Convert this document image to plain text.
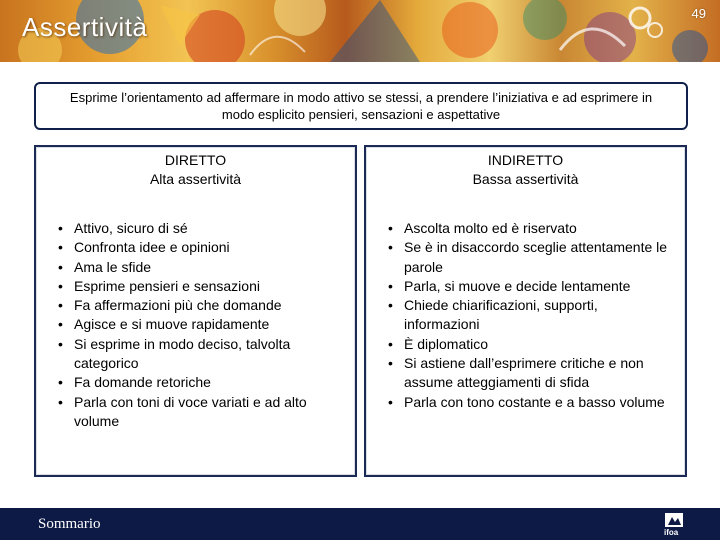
Assertività	49
Esprime l’orientamento ad affermare in modo attivo se stessi, a prendere l’iniziativa e ad esprimere in modo esplicito pensieri, sensazioni e aspettative
DIRETTO
Alta assertività
• Attivo, sicuro di sé
• Confronta idee e opinioni
• Ama le sfide
• Esprime pensieri e sensazioni
• Fa affermazioni più che domande
• Agisce e si muove rapidamente
• Si esprime in modo deciso, talvolta categorico
• Fa domande retoriche
• Parla con toni di voce variati e ad alto volume
INDIRETTO
Bassa assertività
• Ascolta molto ed è riservato
• Se è in disaccordo sceglie attentamente le parole
• Parla, si muove e decide lentamente
• Chiede chiarificazioni, supporti, informazioni
• È diplomatico
• Si astiene dall’esprimere critiche e non assume atteggiamenti di sfida
• Parla con tono costante e a basso volume
Sommario
ifoa
